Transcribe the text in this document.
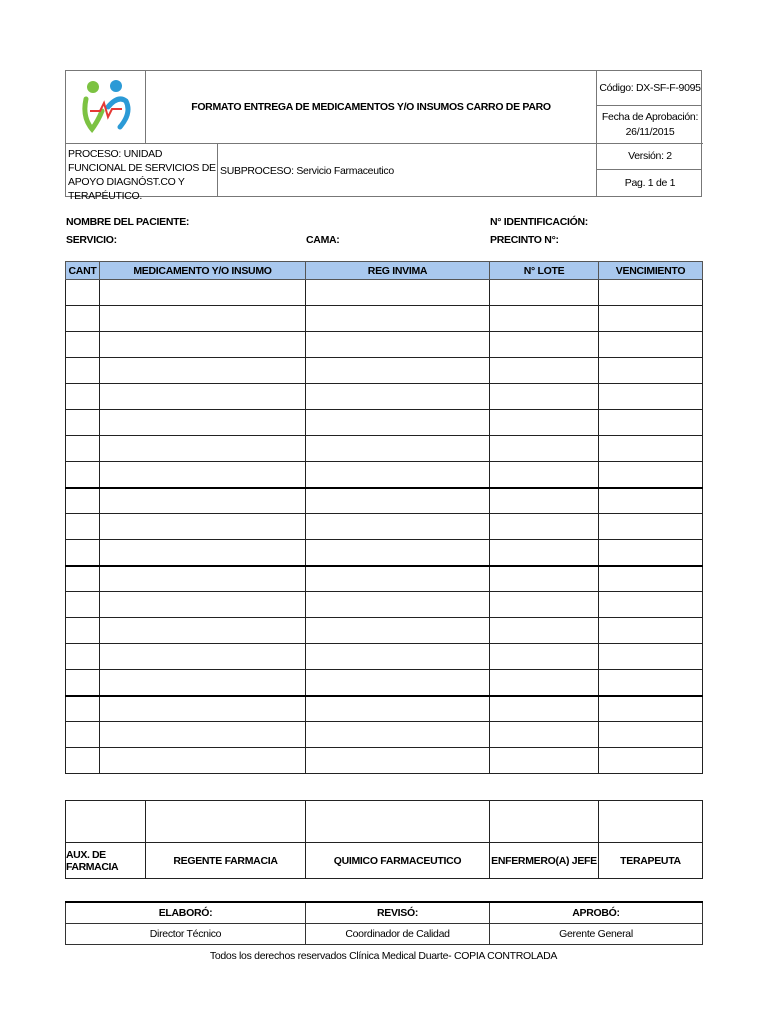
FORMATO ENTREGA DE MEDICAMENTOS Y/O INSUMOS CARRO DE PARO
Código: DX-SF-F-9095
Fecha de Aprobación:
26/11/2015
PROCESO: UNIDAD FUNCIONAL DE SERVICIOS DE APOYO DIAGNÓST.CO Y TERAPÉUTICO.
SUBPROCESO: Servicio Farmaceutico
Versión: 2
Pag. 1 de 1
NOMBRE DEL PACIENTE:	N° IDENTIFICACIÓN:
SERVICIO:	CAMA:	PRECINTO N°:
CANT	MEDICAMENTO Y/O INSUMO	REG INVIMA	N° LOTE	VENCIMIENTO

AUX. DE FARMACIA	REGENTE FARMACIA	QUIMICO FARMACEUTICO	ENFERMERO(A) JEFE	TERAPEUTA
ELABORÓ:	REVISÓ:	APROBÓ:
Director Técnico	Coordinador de Calidad	Gerente General
Todos los derechos reservados Clínica Medical Duarte- COPIA CONTROLADA
